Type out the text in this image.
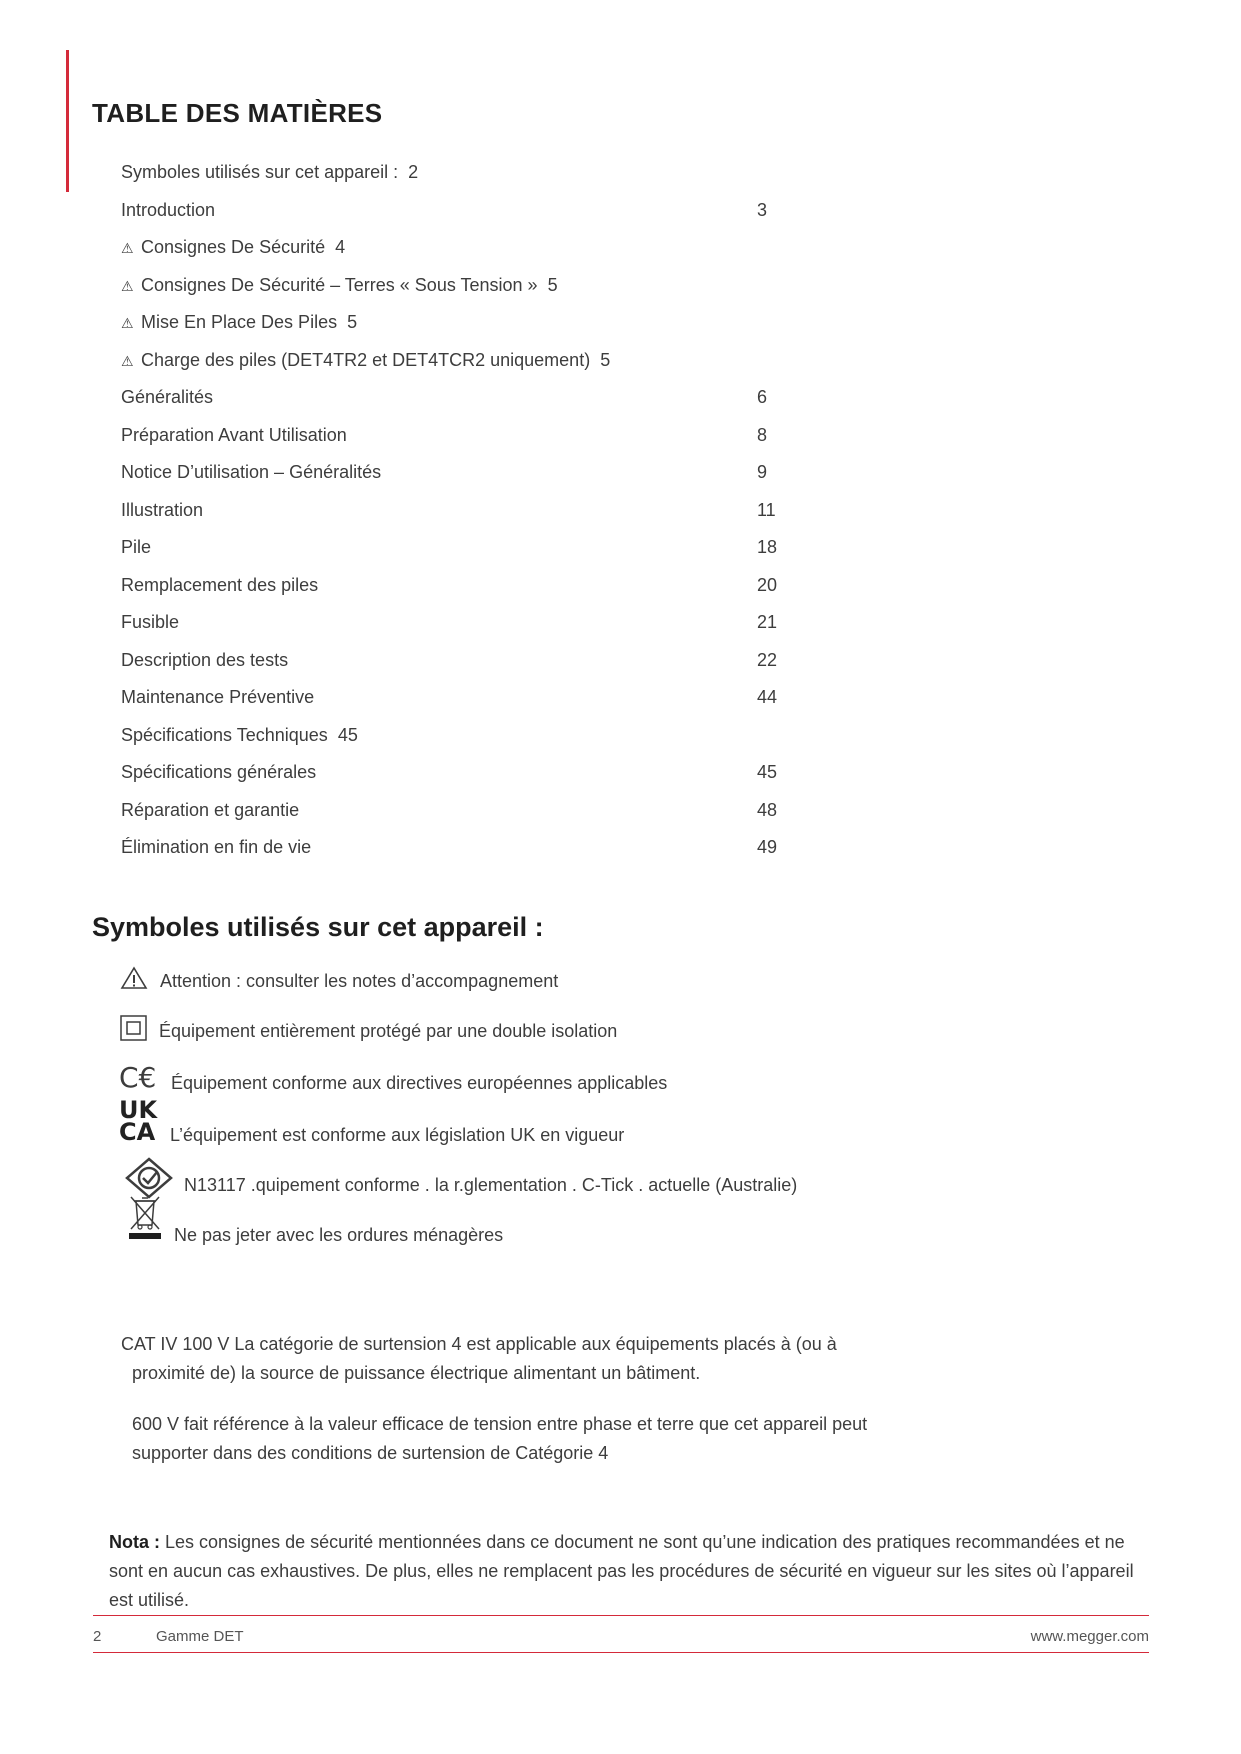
TABLE DES MATIÈRES
Symboles utilisés sur cet appareil : 2
Introduction	3
⚠ Consignes De Sécurité 4
⚠ Consignes De Sécurité – Terres « Sous Tension » 5
⚠ Mise En Place Des Piles 5
⚠ Charge des piles (DET4TR2 et DET4TCR2 uniquement) 5
Généralités	6
Préparation Avant Utilisation	8
Notice D’utilisation – Généralités	9
Illustration	11
Pile	18
Remplacement des piles	20
Fusible	21
Description des tests	22
Maintenance Préventive	44
Spécifications Techniques 45
Spécifications générales	45
Réparation et garantie	48
Élimination en fin de vie	49
Symboles utilisés sur cet appareil :
Attention : consulter les notes d’accompagnement
Équipement entièrement protégé par une double isolation
C€ Équipement conforme aux directives européennes applicables
UK
CA L’équipement est conforme aux législation UK en vigueur
N13117 .quipement conforme . la r.glementation . C-Tick . actuelle (Australie)
Ne pas jeter avec les ordures ménagères

CAT IV 100 V La catégorie de surtension 4 est applicable aux équipements placés à (ou à

proximité de) la source de puissance électrique alimentant un bâtiment.

600 V fait référence à la valeur efficace de tension entre phase et terre que cet appareil peut

supporter dans des conditions de surtension de Catégorie 4

Nota : Les consignes de sécurité mentionnées dans ce document ne sont qu’une indication des pratiques recommandées et ne sont en aucun cas exhaustives. De plus, elles ne remplacent pas les procédures de sécurité en vigueur sur les sites où l’appareil est utilisé.
2	Gamme DET	www.megger.com
